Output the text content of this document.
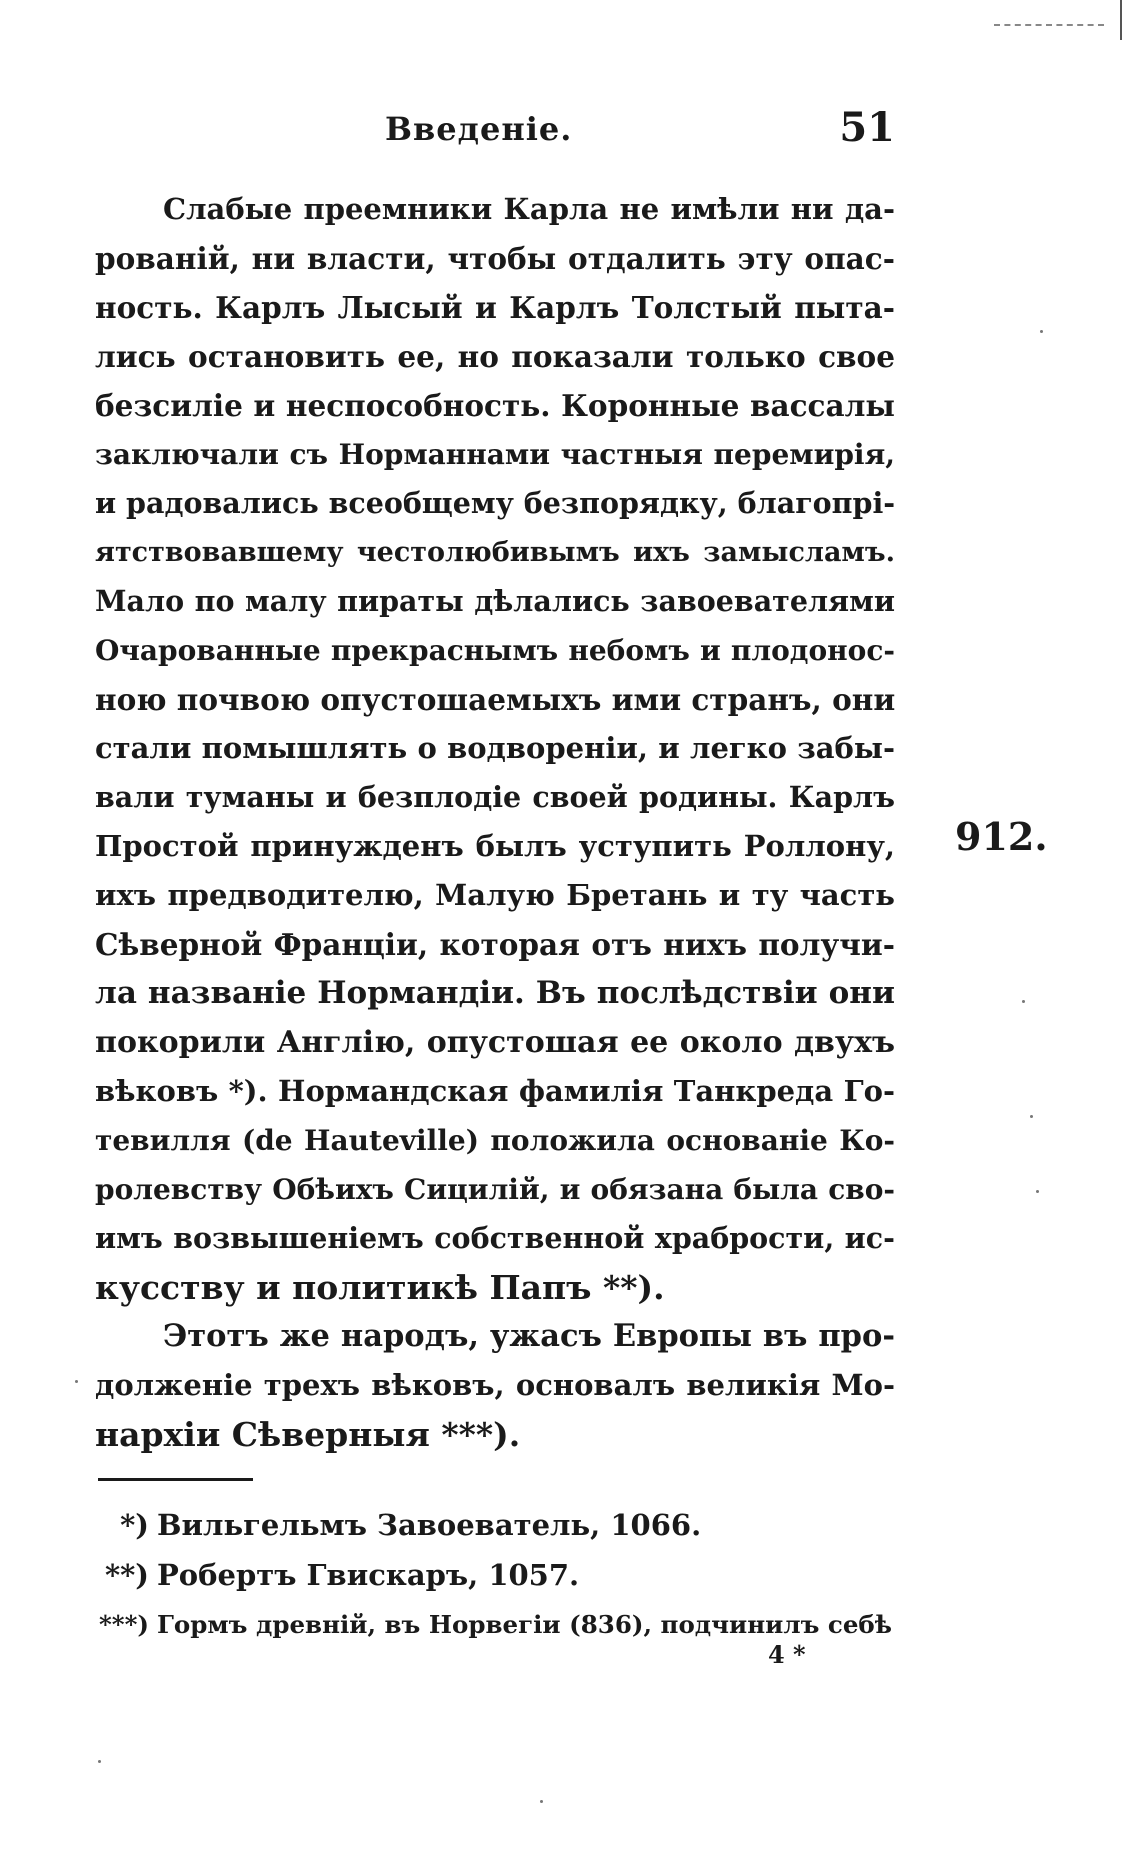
Введеніе.	51
Слабые преемники Карла не имѣли ни да-
рованій, ни власти, чтобы отдалить эту опас-
ность. Карлъ Лысый и Карлъ Толстый пыта-
лись остановить ее, но показали только свое
безсиліе и неспособность. Коронные вассалы
заключали съ Норманнами частныя перемирія,
и радовались всеобщему безпорядку, благопрі-
ятствовавшему честолюбивымъ ихъ замысламъ.
Мало по малу пираты дѣлались завоевателями
Очарованные прекраснымъ небомъ и плодонос-
ною почвою опустошаемыхъ ими странъ, они
стали помышлять о водвореніи, и легко забы-
вали туманы и безплодіе своей родины. Карлъ
Простой принужденъ былъ уступить Роллону,
ихъ предводителю, Малую Бретань и ту часть
Сѣверной Франціи, которая отъ нихъ получи-
ла названіе Нормандіи. Въ послѣдствіи они
покорили Англію, опустошая ее около двухъ
вѣковъ *). Нормандская фамилія Танкреда Го-
тевилля (de Hauteville) положила основаніе Ко-
ролевству Обѣихъ Сицилій, и обязана была сво-
имъ возвышеніемъ собственной храбрости, ис-
кусству и политикѣ Папъ **).
Этотъ же народъ, ужасъ Европы въ про-
долженіе трехъ вѣковъ, основалъ великія Мо-
нархіи Сѣверныя ***).
912.
*) Вильгельмъ Завоеватель, 1066.
**) Робертъ Гвискаръ, 1057.
***) Гормъ древній, въ Норвегіи (836), подчинилъ себѣ
4 *
